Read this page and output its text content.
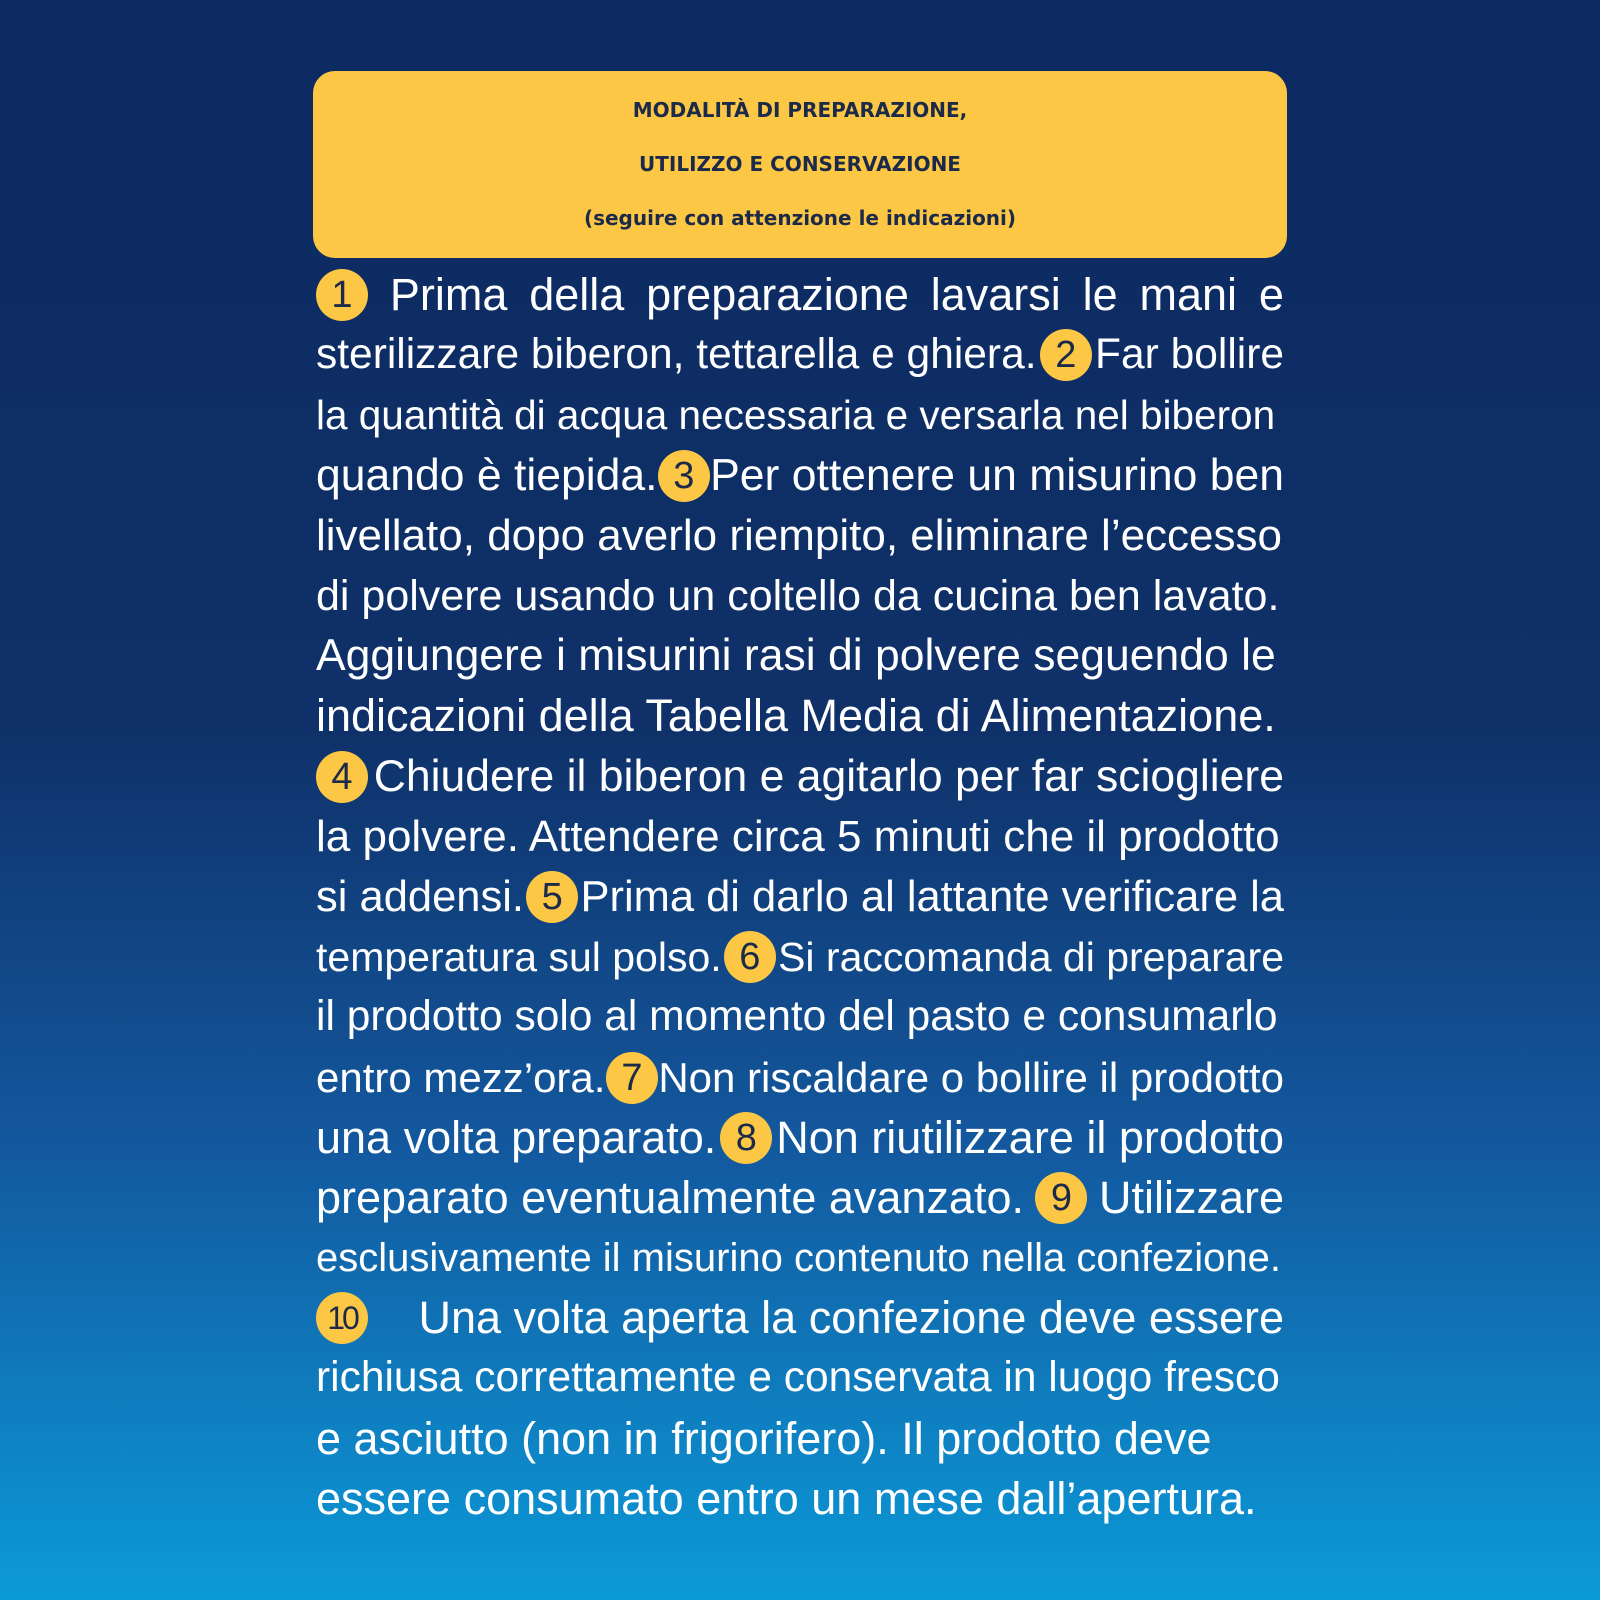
MODALITÀ DI PREPARAZIONE,
UTILIZZO E CONSERVAZIONE
(seguire con attenzione le indicazioni)
1 Prima della preparazione lavarsi le mani e
sterilizzare biberon, tettarella e ghiera. 2 Far bollire
la quantità di acqua necessaria e versarla nel biberon
quando è tiepida. 3 Per ottenere un misurino ben
livellato, dopo averlo riempito, eliminare l’eccesso
di polvere usando un coltello da cucina ben lavato.
Aggiungere i misurini rasi di polvere seguendo le
indicazioni della Tabella Media di Alimentazione.
4 Chiudere il biberon e agitarlo per far sciogliere
la polvere. Attendere circa 5 minuti che il prodotto
si addensi. 5 Prima di darlo al lattante verificare la
temperatura sul polso. 6 Si raccomanda di preparare
il prodotto solo al momento del pasto e consumarlo
entro mezz’ora. 7 Non riscaldare o bollire il prodotto
una volta preparato. 8 Non riutilizzare il prodotto
preparato eventualmente avanzato. 9 Utilizzare
esclusivamente il misurino contenuto nella confezione.
10 Una volta aperta la confezione deve essere
richiusa correttamente e conservata in luogo fresco
e asciutto (non in frigorifero). Il prodotto deve
essere consumato entro un mese dall’apertura.
